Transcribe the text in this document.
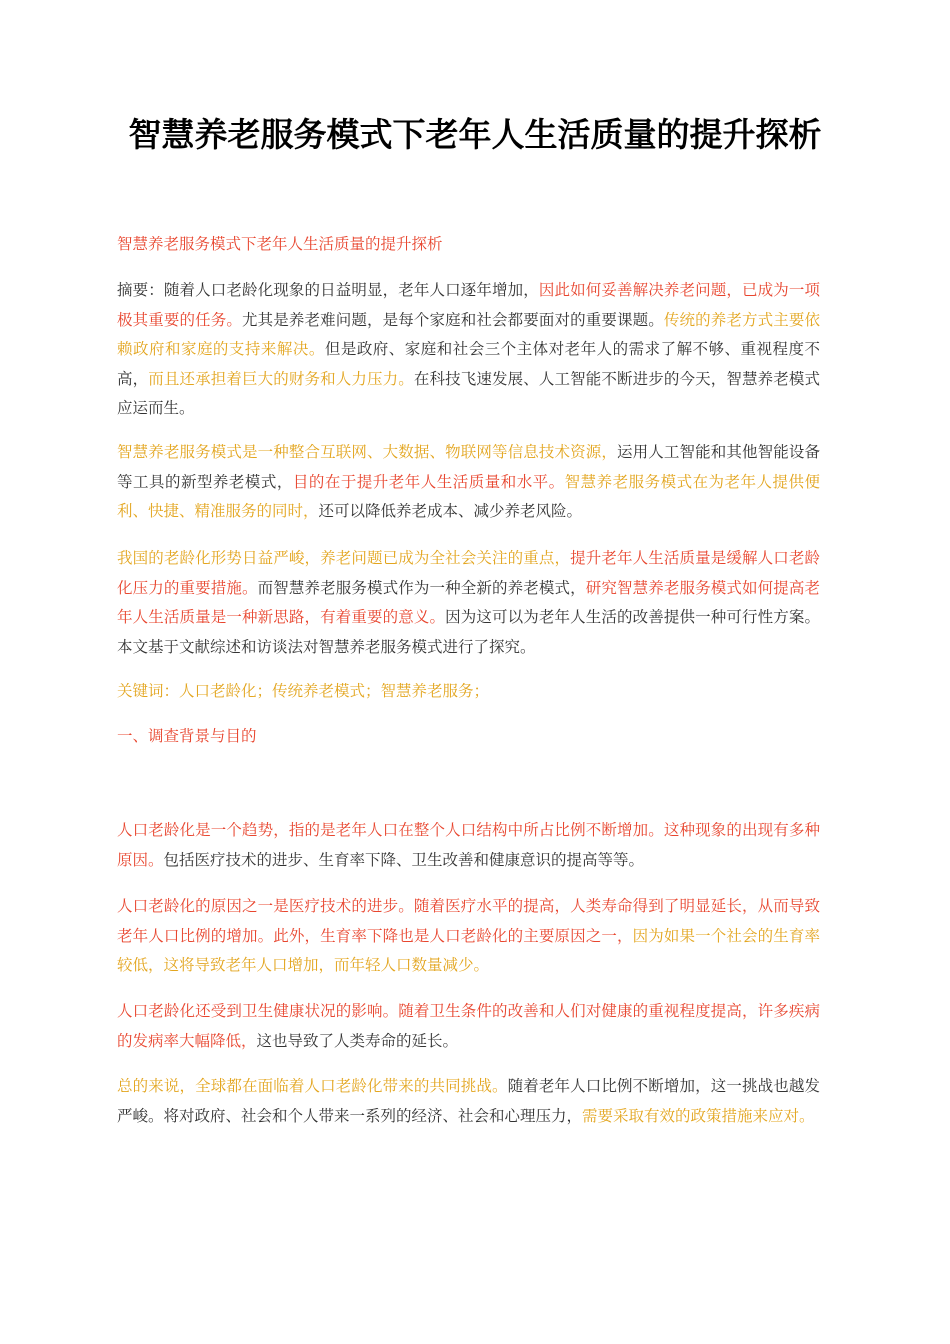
智慧养老服务模式下老年人生活质量的提升探析

智慧养老服务模式下老年人生活质量的提升探析

摘要：随着人口老龄化现象的日益明显，老年人口逐年增加，因此如何妥善解决养老问题，已成为一项极其重要的任务。尤其是养老难问题，是每个家庭和社会都要面对的重要课题。传统的养老方式主要依赖政府和家庭的支持来解决。但是政府、家庭和社会三个主体对老年人的需求了解不够、重视程度不高，而且还承担着巨大的财务和人力压力。在科技飞速发展、人工智能不断进步的今天，智慧养老模式应运而生。

智慧养老服务模式是一种整合互联网、大数据、物联网等信息技术资源，运用人工智能和其他智能设备等工具的新型养老模式，目的在于提升老年人生活质量和水平。智慧养老服务模式在为老年人提供便利、快捷、精准服务的同时，还可以降低养老成本、减少养老风险。

我国的老龄化形势日益严峻，养老问题已成为全社会关注的重点，提升老年人生活质量是缓解人口老龄化压力的重要措施。而智慧养老服务模式作为一种全新的养老模式，研究智慧养老服务模式如何提高老年人生活质量是一种新思路，有着重要的意义。因为这可以为老年人生活的改善提供一种可行性方案。本文基于文献综述和访谈法对智慧养老服务模式进行了探究。

关键词：人口老龄化；传统养老模式；智慧养老服务；

一、调查背景与目的

人口老龄化是一个趋势，指的是老年人口在整个人口结构中所占比例不断增加。这种现象的出现有多种原因。包括医疗技术的进步、生育率下降、卫生改善和健康意识的提高等等。

人口老龄化的原因之一是医疗技术的进步。随着医疗水平的提高，人类寿命得到了明显延长，从而导致老年人口比例的增加。此外，生育率下降也是人口老龄化的主要原因之一，因为如果一个社会的生育率较低，这将导致老年人口增加，而年轻人口数量减少。

人口老龄化还受到卫生健康状况的影响。随着卫生条件的改善和人们对健康的重视程度提高，许多疾病的发病率大幅降低，这也导致了人类寿命的延长。

总的来说，全球都在面临着人口老龄化带来的共同挑战。随着老年人口比例不断增加，这一挑战也越发严峻。将对政府、社会和个人带来一系列的经济、社会和心理压力，需要采取有效的政策措施来应对。
